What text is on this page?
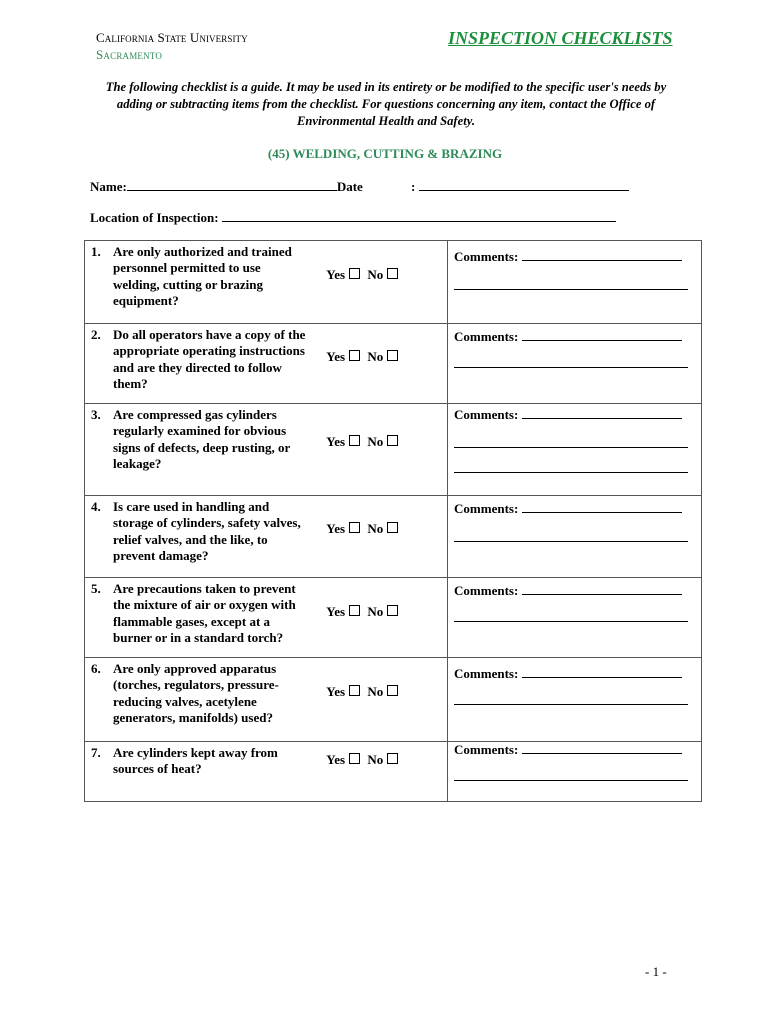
California State University
Sacramento
INSPECTION CHECKLISTS
The following checklist is a guide. It may be used in its entirety or be modified to the specific user's needs by adding or subtracting items from the checklist. For questions concerning any item, contact the Office of Environmental Health and Safety.
(45) WELDING, CUTTING & BRAZING
Name:	Date	:
Location of Inspection:
1. Are only authorized and trained personnel permitted to use welding, cutting or brazing equipment?	Yes No	Comments:

2. Do all operators have a copy of the appropriate operating instructions and are they directed to follow them?	Yes No	Comments:

3. Are compressed gas cylinders regularly examined for obvious signs of defects, deep rusting, or leakage?	Yes No	Comments:

4. Is care used in handling and storage of cylinders, safety valves, relief valves, and the like, to prevent damage?	Yes No	Comments:

5. Are precautions taken to prevent the mixture of air or oxygen with flammable gases, except at a burner or in a standard torch?	Yes No	Comments:

6. Are only approved apparatus (torches, regulators, pressure-reducing valves, acetylene generators, manifolds) used?	Yes No	Comments:

7. Are cylinders kept away from sources of heat?	Yes No	Comments:
- 1 -
